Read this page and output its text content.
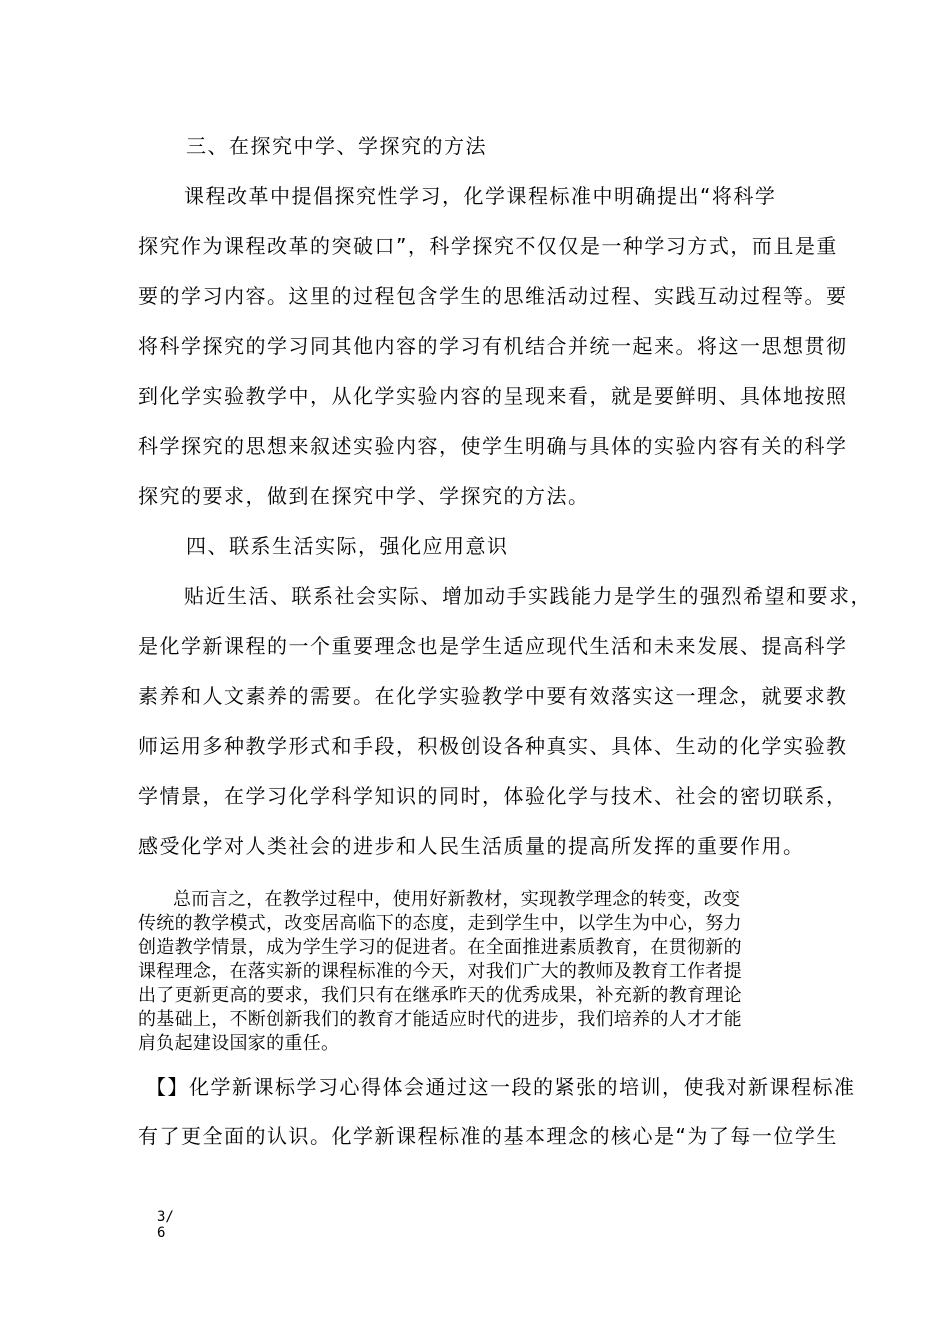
三、在探究中学、学探究的方法
课程改革中提倡探究性学习，化学课程标准中明确提出“将科学
探究作为课程改革的突破口”，科学探究不仅仅是一种学习方式，而且是重
要的学习内容。这里的过程包含学生的思维活动过程、实践互动过程等。要
将科学探究的学习同其他内容的学习有机结合并统一起来。将这一思想贯彻
到化学实验教学中，从化学实验内容的呈现来看，就是要鲜明、具体地按照
科学探究的思想来叙述实验内容，使学生明确与具体的实验内容有关的科学
探究的要求，做到在探究中学、学探究的方法。
四、联系生活实际，强化应用意识
贴近生活、联系社会实际、增加动手实践能力是学生的强烈希望和要求，
是化学新课程的一个重要理念也是学生适应现代生活和未来发展、提高科学
素养和人文素养的需要。在化学实验教学中要有效落实这一理念，就要求教
师运用多种教学形式和手段，积极创设各种真实、具体、生动的化学实验教
学情景，在学习化学科学知识的同时，体验化学与技术、社会的密切联系，
感受化学对人类社会的进步和人民生活质量的提高所发挥的重要作用。
总而言之，在教学过程中，使用好新教材，实现教学理念的转变，改变
传统的教学模式，改变居高临下的态度，走到学生中，以学生为中心，努力
创造教学情景，成为学生学习的促进者。在全面推进素质教育，在贯彻新的
课程理念，在落实新的课程标准的今天，对我们广大的教师及教育工作者提
出了更新更高的要求，我们只有在继承昨天的优秀成果，补充新的教育理论
的基础上，不断创新我们的教育才能适应时代的进步，我们培养的人才才能
肩负起建设国家的重任。
【】化学新课标学习心得体会通过这一段的紧张的培训，使我对新课程标准
有了更全面的认识。化学新课程标准的基本理念的核心是“为了每一位学生
3/
6
